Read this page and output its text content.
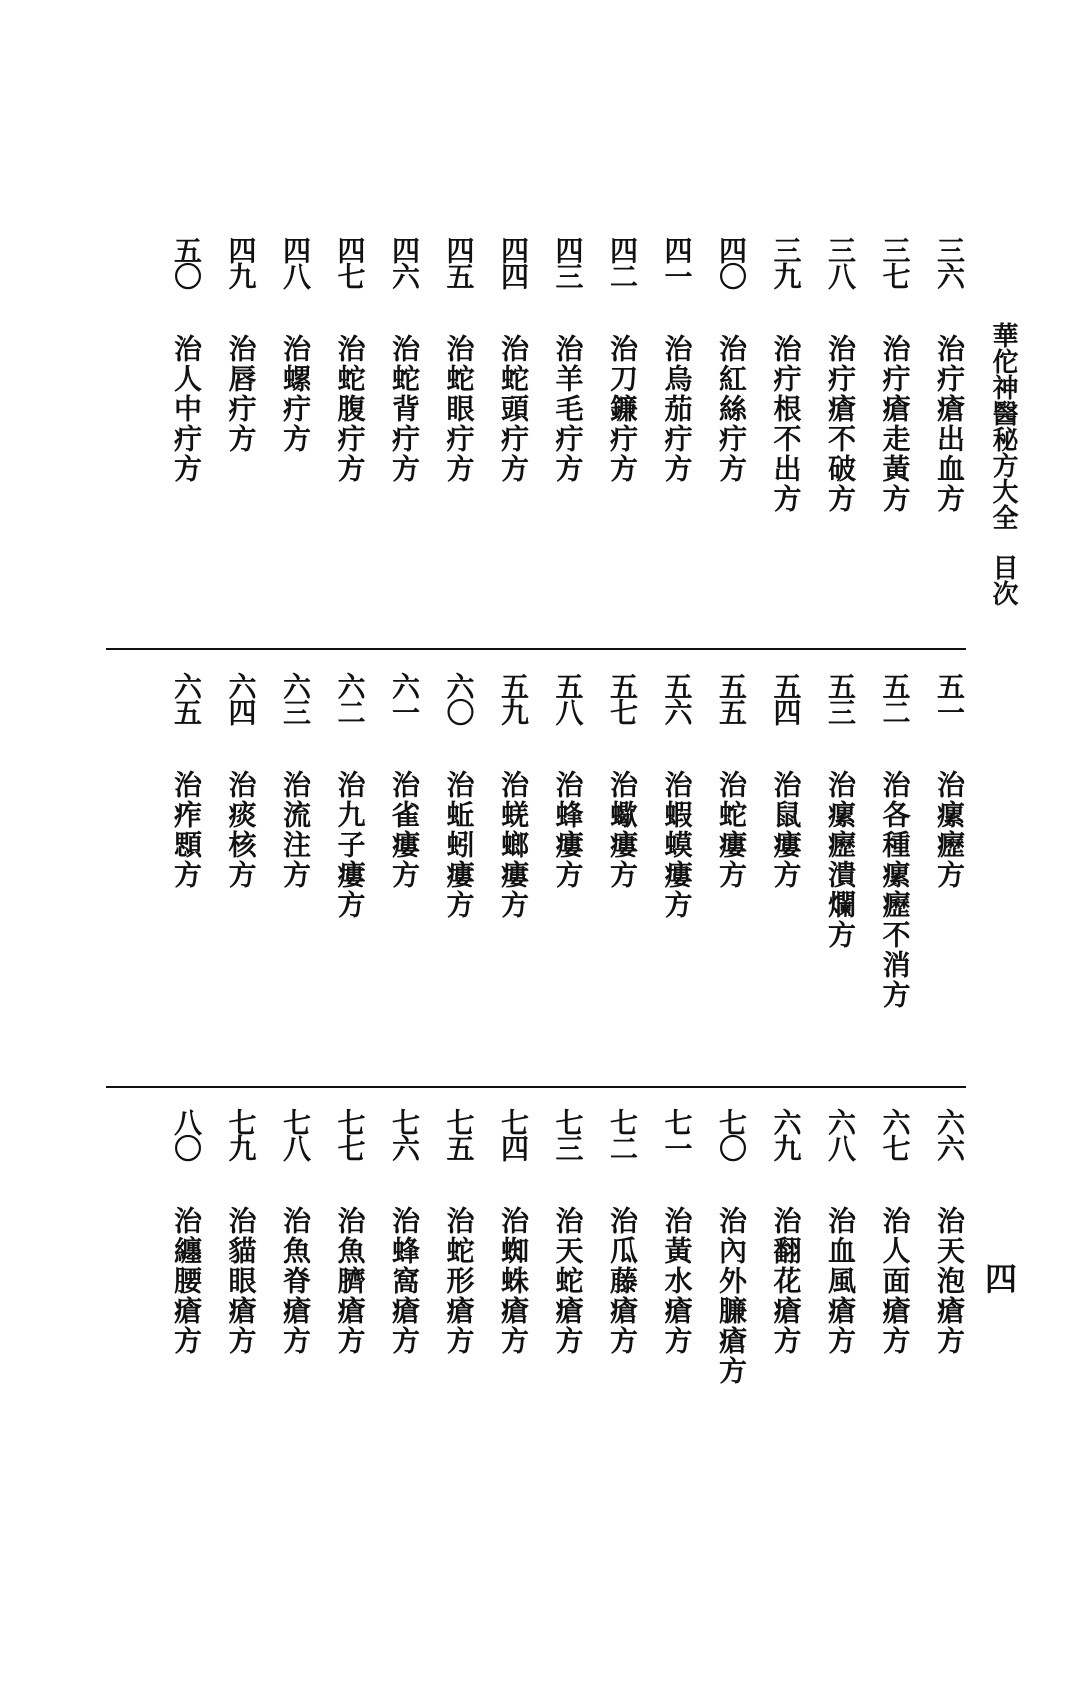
華佗神醫秘方大全目次
四
三六治疔瘡出血方
三七治疔瘡走黃方
三八治疔瘡不破方
三九治疔根不出方
四〇治紅絲疔方
四一治烏茄疔方
四二治刀鐮疔方
四三治羊毛疔方
四四治蛇頭疔方
四五治蛇眼疔方
四六治蛇背疔方
四七治蛇腹疔方
四八治螺疔方
四九治唇疔方
五〇治人中疔方
五一治瘰癧方
五二治各種瘰癧不消方
五三治瘰癧潰爛方
五四治鼠瘻方
五五治蛇瘻方
五六治蝦蟆瘻方
五七治蠍瘻方
五八治蜂瘻方
五九治蜣螂瘻方
六〇治蚯蚓瘻方
六一治雀瘻方
六二治九子瘻方
六三治流注方
六四治痰核方
六五治痄顋方
六六治天泡瘡方
六七治人面瘡方
六八治血風瘡方
六九治翻花瘡方
七〇治內外臁瘡方
七一治黃水瘡方
七二治瓜藤瘡方
七三治天蛇瘡方
七四治蜘蛛瘡方
七五治蛇形瘡方
七六治蜂窩瘡方
七七治魚臍瘡方
七八治魚脊瘡方
七九治貓眼瘡方
八〇治纏腰瘡方
